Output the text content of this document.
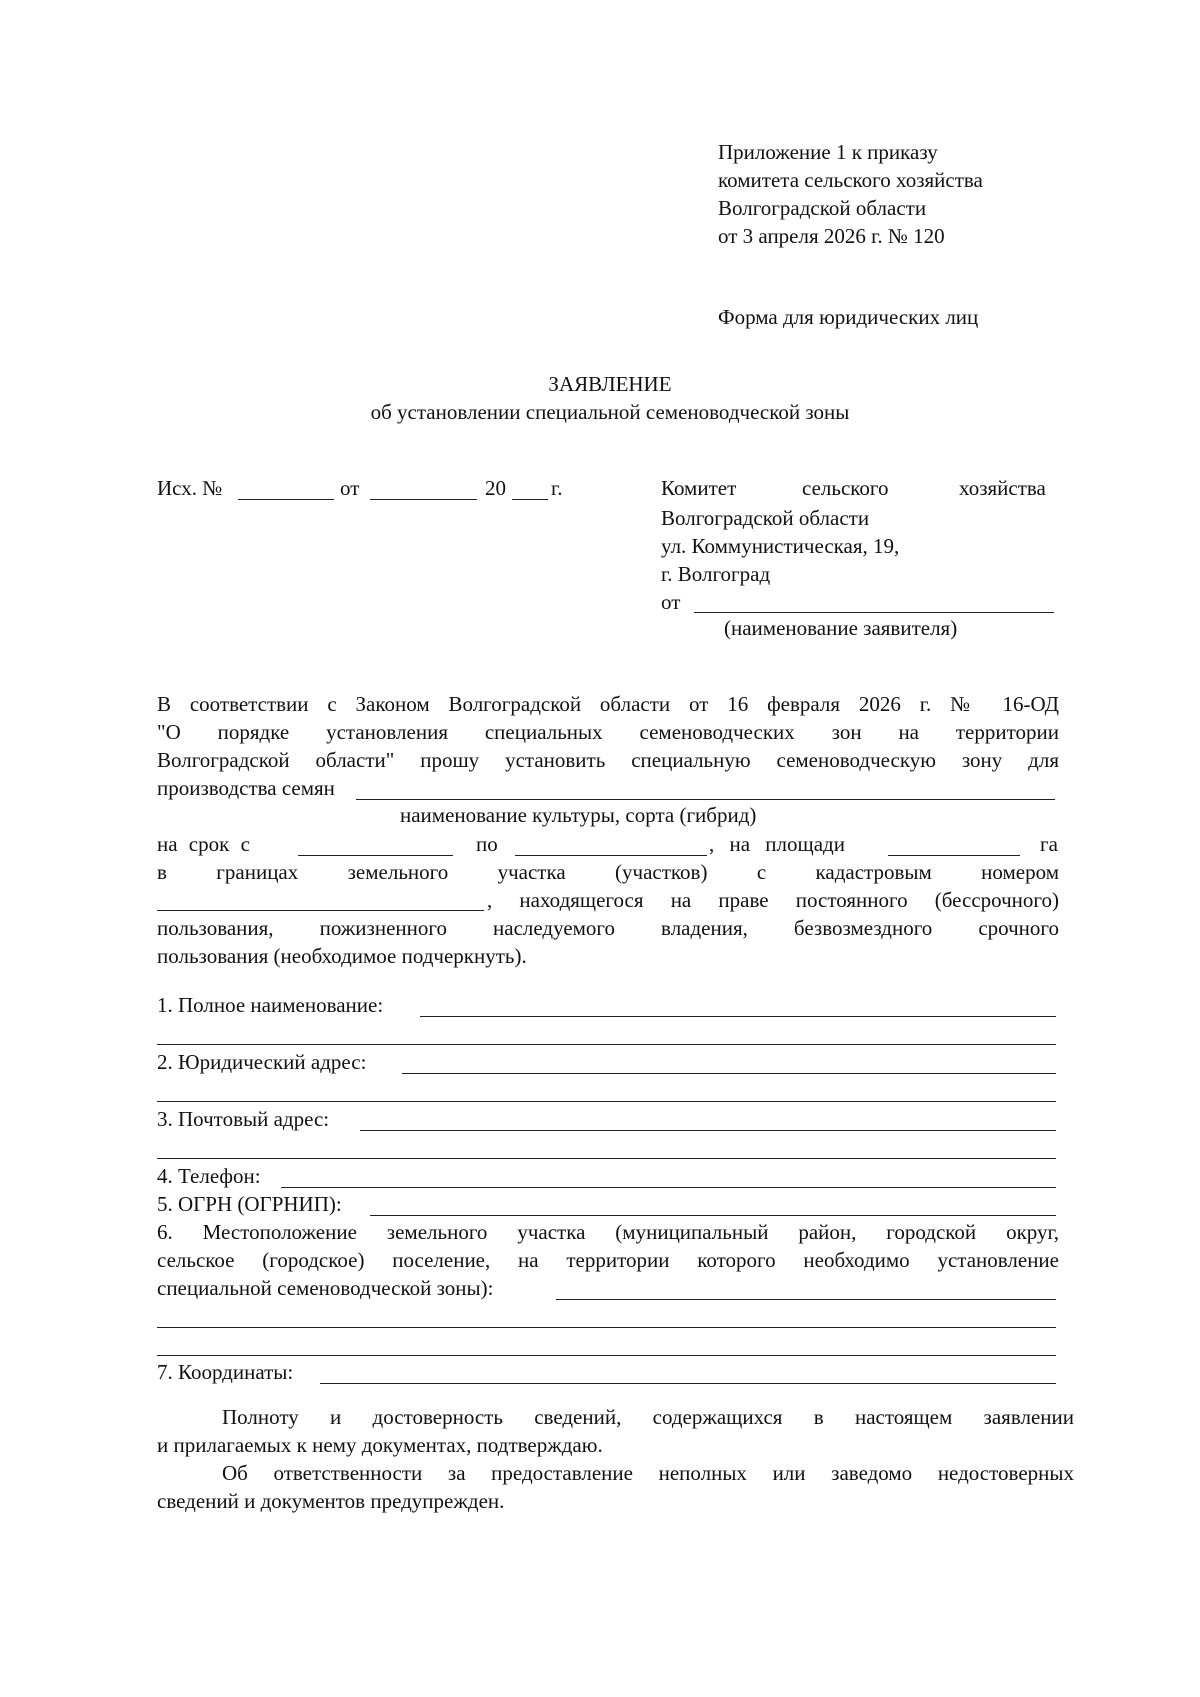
Приложение 1 к приказу
комитета сельского хозяйства
Волгоградской области
от 3 апреля 2026 г. № 120
Форма для юридических лиц
ЗАЯВЛЕНИЕ
об установлении специальной семеноводческой зоны
Исх. №	от	20 г.	Комитет	сельского	хозяйства
Волгоградской области
ул. Коммунистическая, 19,
г. Волгоград
от
(наименование заявителя)
В соответствии с Законом Волгоградской области от 16 февраля 2026 г. № 16-ОД
"О порядке установления специальных семеноводческих зон на территории
Волгоградской области" прошу установить специальную семеноводческую зону для
производства семян
наименование культуры, сорта (гибрид)
на срок с	по	, на площади	га
в границах земельного участка (участков) с кадастровым номером
, находящегося на праве постоянного (бессрочного)
пользования, пожизненного наследуемого владения, безвозмездного срочного
пользования (необходимое подчеркнуть).
1. Полное наименование:
2. Юридический адрес:
3. Почтовый адрес:
4. Телефон:
5. ОГРН (ОГРНИП):
6. Местоположение земельного участка (муниципальный район, городской округ,
сельское (городское) поселение, на территории которого необходимо установление
специальной семеноводческой зоны):
7. Координаты:
Полноту и достоверность сведений, содержащихся в настоящем заявлении
и прилагаемых к нему документах, подтверждаю.
Об ответственности за предоставление неполных или заведомо недостоверных
сведений и документов предупрежден.
